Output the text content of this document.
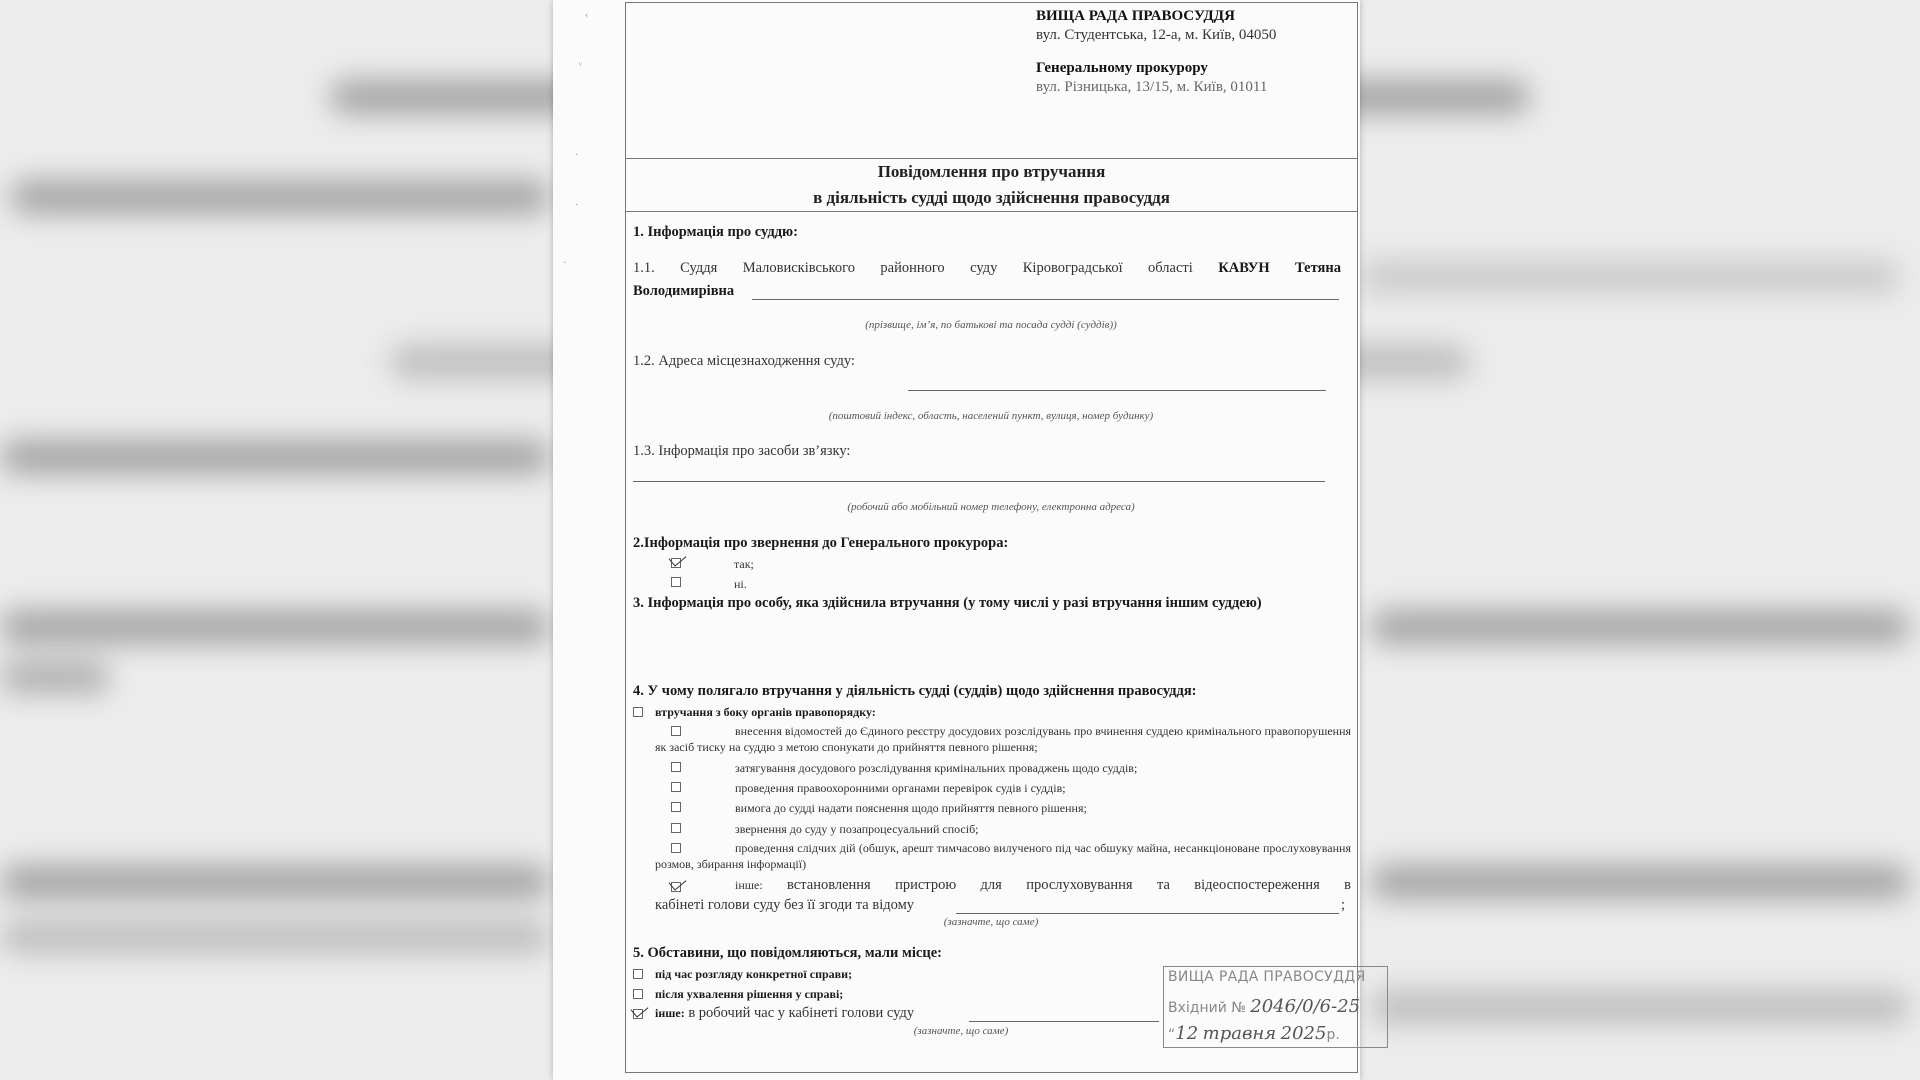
‹
ᵛ
·
·
·
ВИЩА РАДА ПРАВОСУДДЯ
вул. Студентська, 12-а, м. Київ, 04050
Генеральному прокурору
вул. Різницька, 13/15, м. Київ, 01011
Повідомлення про втручання
в діяльність судді щодо здійснення правосуддя
1. Інформація про суддю:
1.1. Суддя Маловисківського районного суду Кіровоградської області КАВУН Тетяна
Володимирівна
(прізвище, ім’я, по батькові та посада судді (суддів))
1.2. Адреса місцезнаходження суду:
(поштовий індекс, область, населений пункт, вулиця, номер будинку)
1.3. Інформація про засоби зв’язку:
(робочий або мобільний номер телефону, електронна адреса)
2.Інформація про звернення до Генерального прокурора:
так;
ні.
3. Інформація про особу, яка здійснила втручання (у тому числі у разі втручання іншим суддею)
4. У чому полягало втручання у діяльність судді (суддів) щодо здійснення правосуддя:
втручання з боку органів правопорядку:
внесення відомостей до Єдиного реєстру досудових розслідувань про вчинення суддею кримінального правопорушення як засіб тиску на суддю з метою спонукати до прийняття певного рішення;
затягування досудового розслідування кримінальних проваджень щодо суддів;
проведення правоохоронними органами перевірок судів і суддів;
вимога до судді надати пояснення щодо прийняття певного рішення;
звернення до суду у позапроцесуальний спосіб;
проведення слідчих дій (обшук, арешт тимчасово вилученого під час обшуку майна, несанкціоноване прослуховування розмов, збирання інформації)
інше: встановлення пристрою для прослуховування та відеоспостереження в
кабінеті голови суду без її згоди та відому	;
(зазначте, що саме)
5. Обставини, що повідомляються, мали місце:
під час розгляду конкретної справи;
після ухвалення рішення у справі;
інше: в робочий час у кабінеті голови суду
(зазначте, що саме)
ВИЩА РАДА ПРАВОСУДДЯ
Вхідний № 2046/0/6-25
“12 травня 2025р.
